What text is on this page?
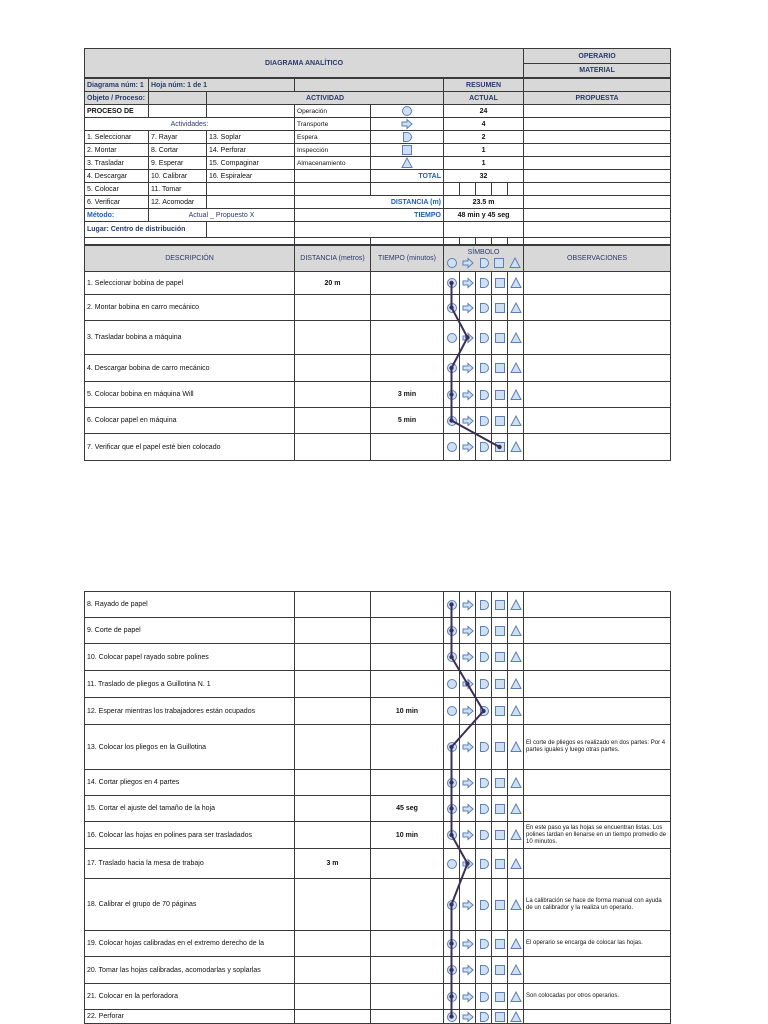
DIAGRAMA ANALÍTICO	OPERARIO
MATERIAL
Diagrama núm: 1	Hoja núm: 1 de 1				RESUMEN					
Objeto / Proceso:		ACTIVIDAD			ACTUAL					PROPUESTA
PROCESO DE			Operación		24					
Actividades:			Transporte		4					
1. Seleccionar	7. Rayar	13. Soplar	Espera		2					
2. Montar	8. Cortar	14. Perforar	Inspección		1					
3. Trasladar	9. Esperar	15. Compaginar	Almacenamiento		1					
4. Descargar	10. Calibrar	16. Espiralear		TOTAL	32					
5. Colocar	11. Tomar									
6. Verificar	12. Acomodar		DISTANCIA (m)		23.5 m					
Método:	Actual _ Propuesto X		TIEMPO		48 min y 45 seg					
Lugar: Centro de distribución										

DESCRIPCIÓN	DISTANCIA (metros)	TIEMPO (minutos)	SÍMBOLO					OBSERVACIONES
1. Seleccionar bobina de papel	20 m		

2. Montar bobina en carro mecánico			

3. Trasladar bobina a máquina			

4. Descargar bobina de carro mecánico			

5. Colocar bobina en máquina Will		3 min	

6. Colocar papel en máquina		5 min	

7. Verificar que el papel esté bien colocado			

8. Rayado de papel			

9. Corte de papel			

10. Colocar papel rayado sobre polines			

11. Traslado de pliegos a Guillotina N. 1			

12. Esperar mientras los trabajadores están ocupados		10 min	

13. Colocar los pliegos en la Guillotina								El corte de pliegos es realizado en dos partes: Por 4 partes iguales y luego otras partes.
14. Cortar pliegos en 4 partes			

15. Cortar el ajuste del tamaño de la hoja		45 seg	

16. Colocar las hojas en polines para ser trasladados		10 min						En este paso ya las hojas se encuentran listas. Los polines tardan en llenarse en un tiempo promedio de 10 minutos.
17. Traslado hacia la mesa de trabajo	3 m		

18. Calibrar el grupo de 70 páginas								La calibración se hace de forma manual con ayuda de un calibrador y la realiza un operario.
19. Colocar hojas calibradas en el extremo derecho de la								El operario se encarga de colocar las hojas.
20. Tomar las hojas calibradas, acomodarlas y soplarlas			

21. Colocar en la perforadora								Son colocadas por otros operarios.
22. Perforar			
